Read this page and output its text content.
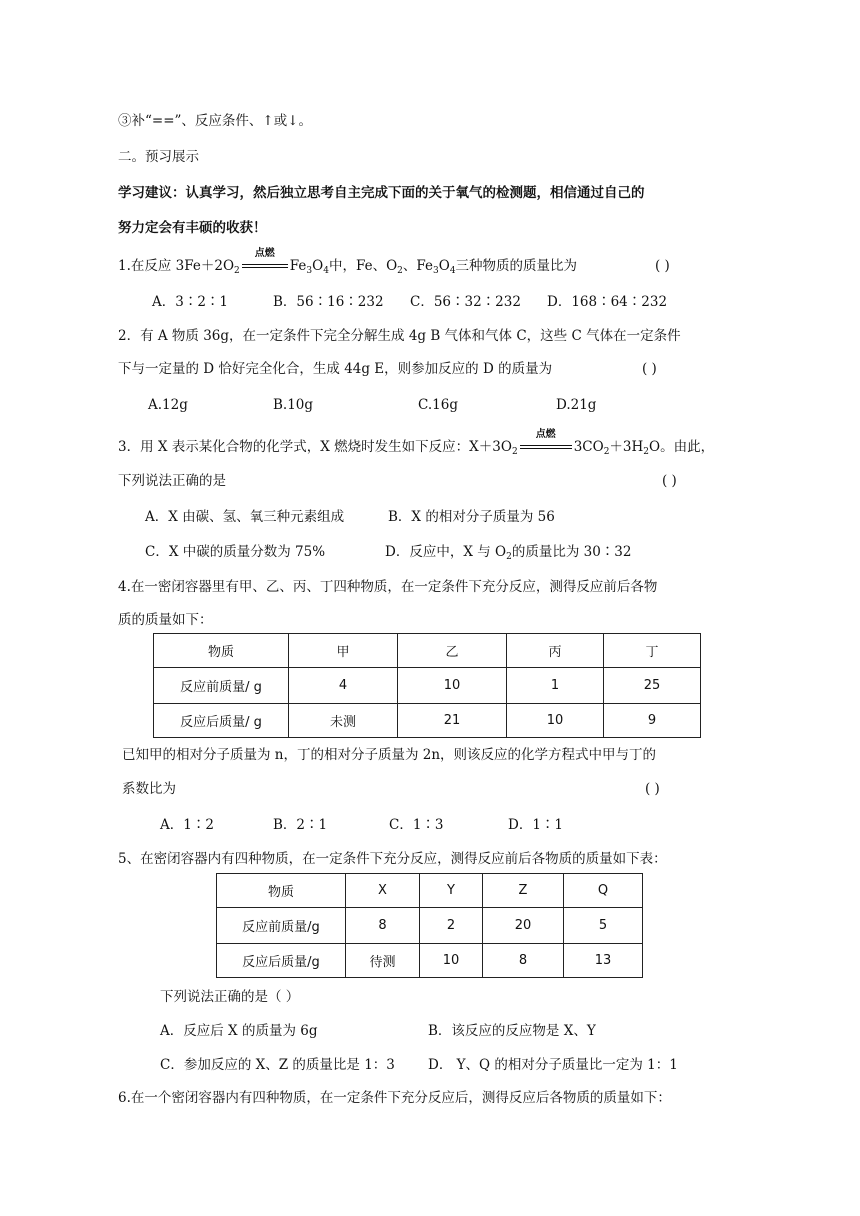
③补“==”、反应条件、↑或↓。
二。预习展示
学习建议：认真学习，然后独立思考自主完成下面的关于氧气的检测题，相信通过自己的
努力定会有丰硕的收获！
1.在反应 $3Fe+2O_2$
点燃
$Fe_3O_4$中，Fe、$O_2$、$Fe_3O_4$三种物质的质量比为	( )
A．3∶2∶1	B．56∶16∶232 C．56∶32∶232 D．168∶64∶232
2．有 A 物质 36g，在一定条件下完全分解生成 4g B 气体和气体 C，这些 C 气体在一定条件
下与一定量的 D 恰好完全化合，生成 44g E，则参加反应的 D 的质量为	( )
A.12g	B.10g	C.16g	D.21g
3．用 X 表示某化合物的化学式，X 燃烧时发生如下反应：$X+3O_2$
点燃
$3CO_2+3H_2O$。由此，
下列说法正确的是	( )
A．X 由碳、氢、氧三种元素组成	B．X 的相对分子质量为 56
C．X 中碳的质量分数为 75%	D．反应中，X 与 $O_2$的质量比为 30∶32
4.在一密闭容器里有甲、乙、丙、丁四种物质，在一定条件下充分反应，测得反应前后各物
质的质量如下：
物质	甲	乙	丙	丁
反应前质量/ g	4	10	1	25
反应后质量/ g	未测	21	10	9
已知甲的相对分子质量为 n，丁的相对分子质量为 2n，则该反应的化学方程式中甲与丁的
系数比为	( )
A．1∶2	B．2∶1	C．1∶3	D．1∶1
5、在密闭容器内有四种物质，在一定条件下充分反应，测得反应前后各物质的质量如下表：
物质	X	Y	Z	Q
反应前质量/g	8	2	20	5
反应后质量/g	待测	10	8	13
下列说法正确的是（ ）
A．反应后 X 的质量为 6g	B．该反应的反应物是 X、Y
C．参加反应的 X、Z 的质量比是 1：3 D． Y、Q 的相对分子质量比一定为 1：1
6.在一个密闭容器内有四种物质，在一定条件下充分反应后，测得反应后各物质的质量如下：
